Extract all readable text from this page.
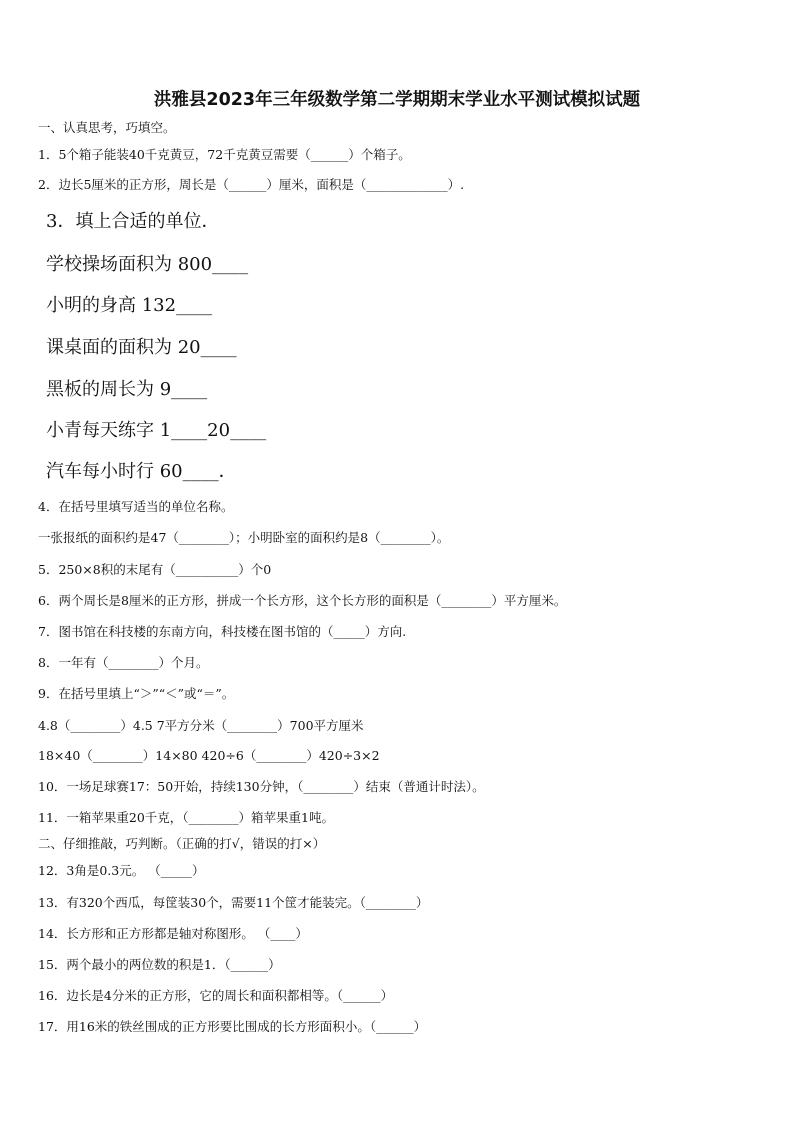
洪雅县2023年三年级数学第二学期期末学业水平测试模拟试题
一、认真思考，巧填空。
1．5个箱子能装40千克黄豆，72千克黄豆需要（______）个箱子。
2．边长5厘米的正方形，周长是（______）厘米，面积是（_____________）.
3．填上合适的单位．
学校操场面积为 800____
小明的身高 132____
课桌面的面积为 20____
黑板的周长为 9____
小青每天练字 1____20____
汽车每小时行 60____．
4．在括号里填写适当的单位名称。
一张报纸的面积约是47（________）；小明卧室的面积约是8（________）。
5．250×8积的末尾有（__________）个0
6．两个周长是8厘米的正方形，拼成一个长方形，这个长方形的面积是（________）平方厘米。
7．图书馆在科技楼的东南方向，科技楼在图书馆的（_____）方向.
8．一年有（________）个月。
9．在括号里填上“＞”“＜”或“＝”。
4.8（________）4.5 7平方分米（________）700平方厘米
18×40（________）14×80 420÷6（________）420÷3×2
10．一场足球赛17：50开始，持续130分钟，（________）结束（普通计时法）。
11．一箱苹果重20千克，（________）箱苹果重1吨。
二、仔细推敲，巧判断。（正确的打√，错误的打×）
12．3角是0.3元。 （_____）
13．有320个西瓜，每筐装30个，需要11个筐才能装完。（________）
14．长方形和正方形都是轴对称图形。 （____）
15．两个最小的两位数的积是1．（______）
16．边长是4分米的正方形，它的周长和面积都相等。（______）
17．用16米的铁丝围成的正方形要比围成的长方形面积小。（______）
